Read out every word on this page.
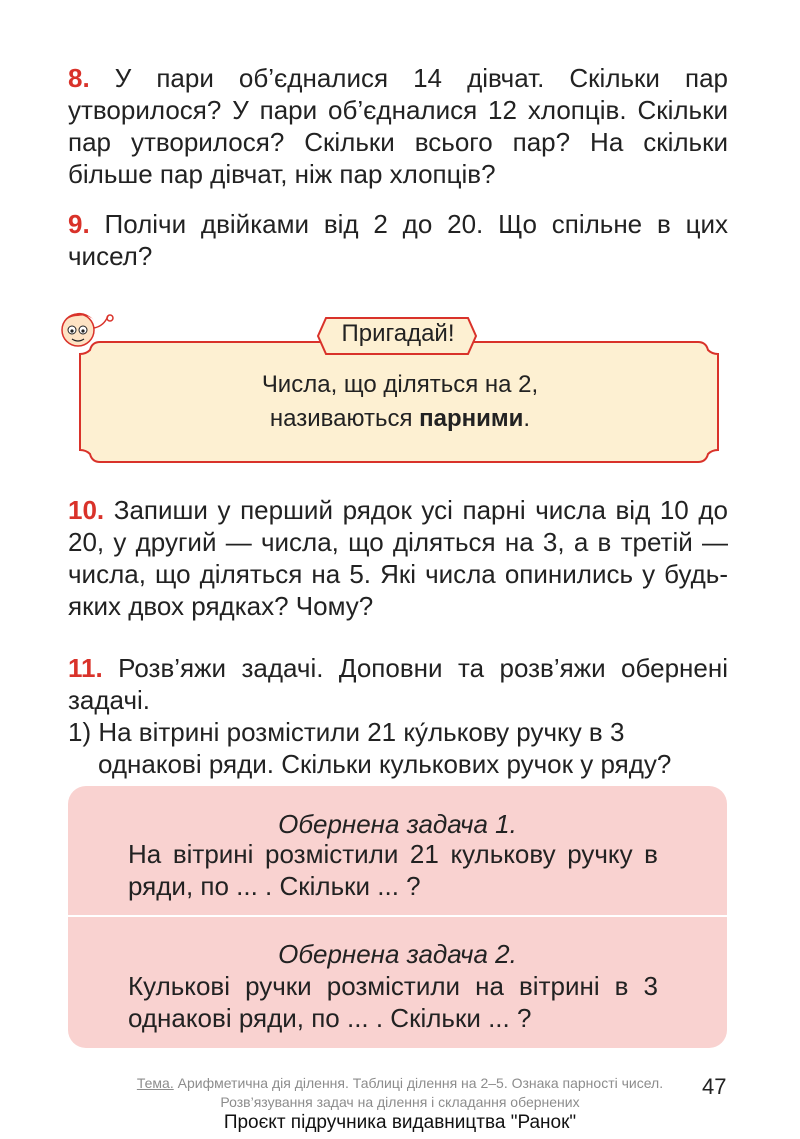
8. У пари об’єдналися 14 дівчат. Скільки пар утворилося? У пари об’єдналися 12 хлопців. Скільки пар утворилося? Скільки всього пар? На скільки більше пар дівчат, ніж пар хлопців?

9. Полічи двійками від 2 до 20. Що спільне в цих чисел?

Пригадай!
Числа, що діляться на 2,
називаються парними.

10. Запиши у перший рядок усі парні числа від 10 до 20, у другий — числа, що діляться на 3, а в третій — числа, що діляться на 5. Які числа опинились у будь-яких двох рядках? Чому?

11. Розв’яжи задачі. Доповни та розв’яжи обернені задачі.

1) На вітрині розмістили 21 ку́лькову ручку в 3 однакові ряди. Скільки кулькових ручок у ряду?

Обернена задача 1.
На вітрині розмістили 21 кулькову ручку в ряди, по ... . Скільки ... ?
Обернена задача 2.
Кулькові ручки розмістили на вітрині в 3 однакові ряди, по ... . Скільки ... ?
Тема. Арифметична дія ділення. Таблиці ділення на 2–5. Ознака парності чисел. Розв’язування задач на ділення і складання обернених
47
Проєкт підручника видавництва "Ранок"
